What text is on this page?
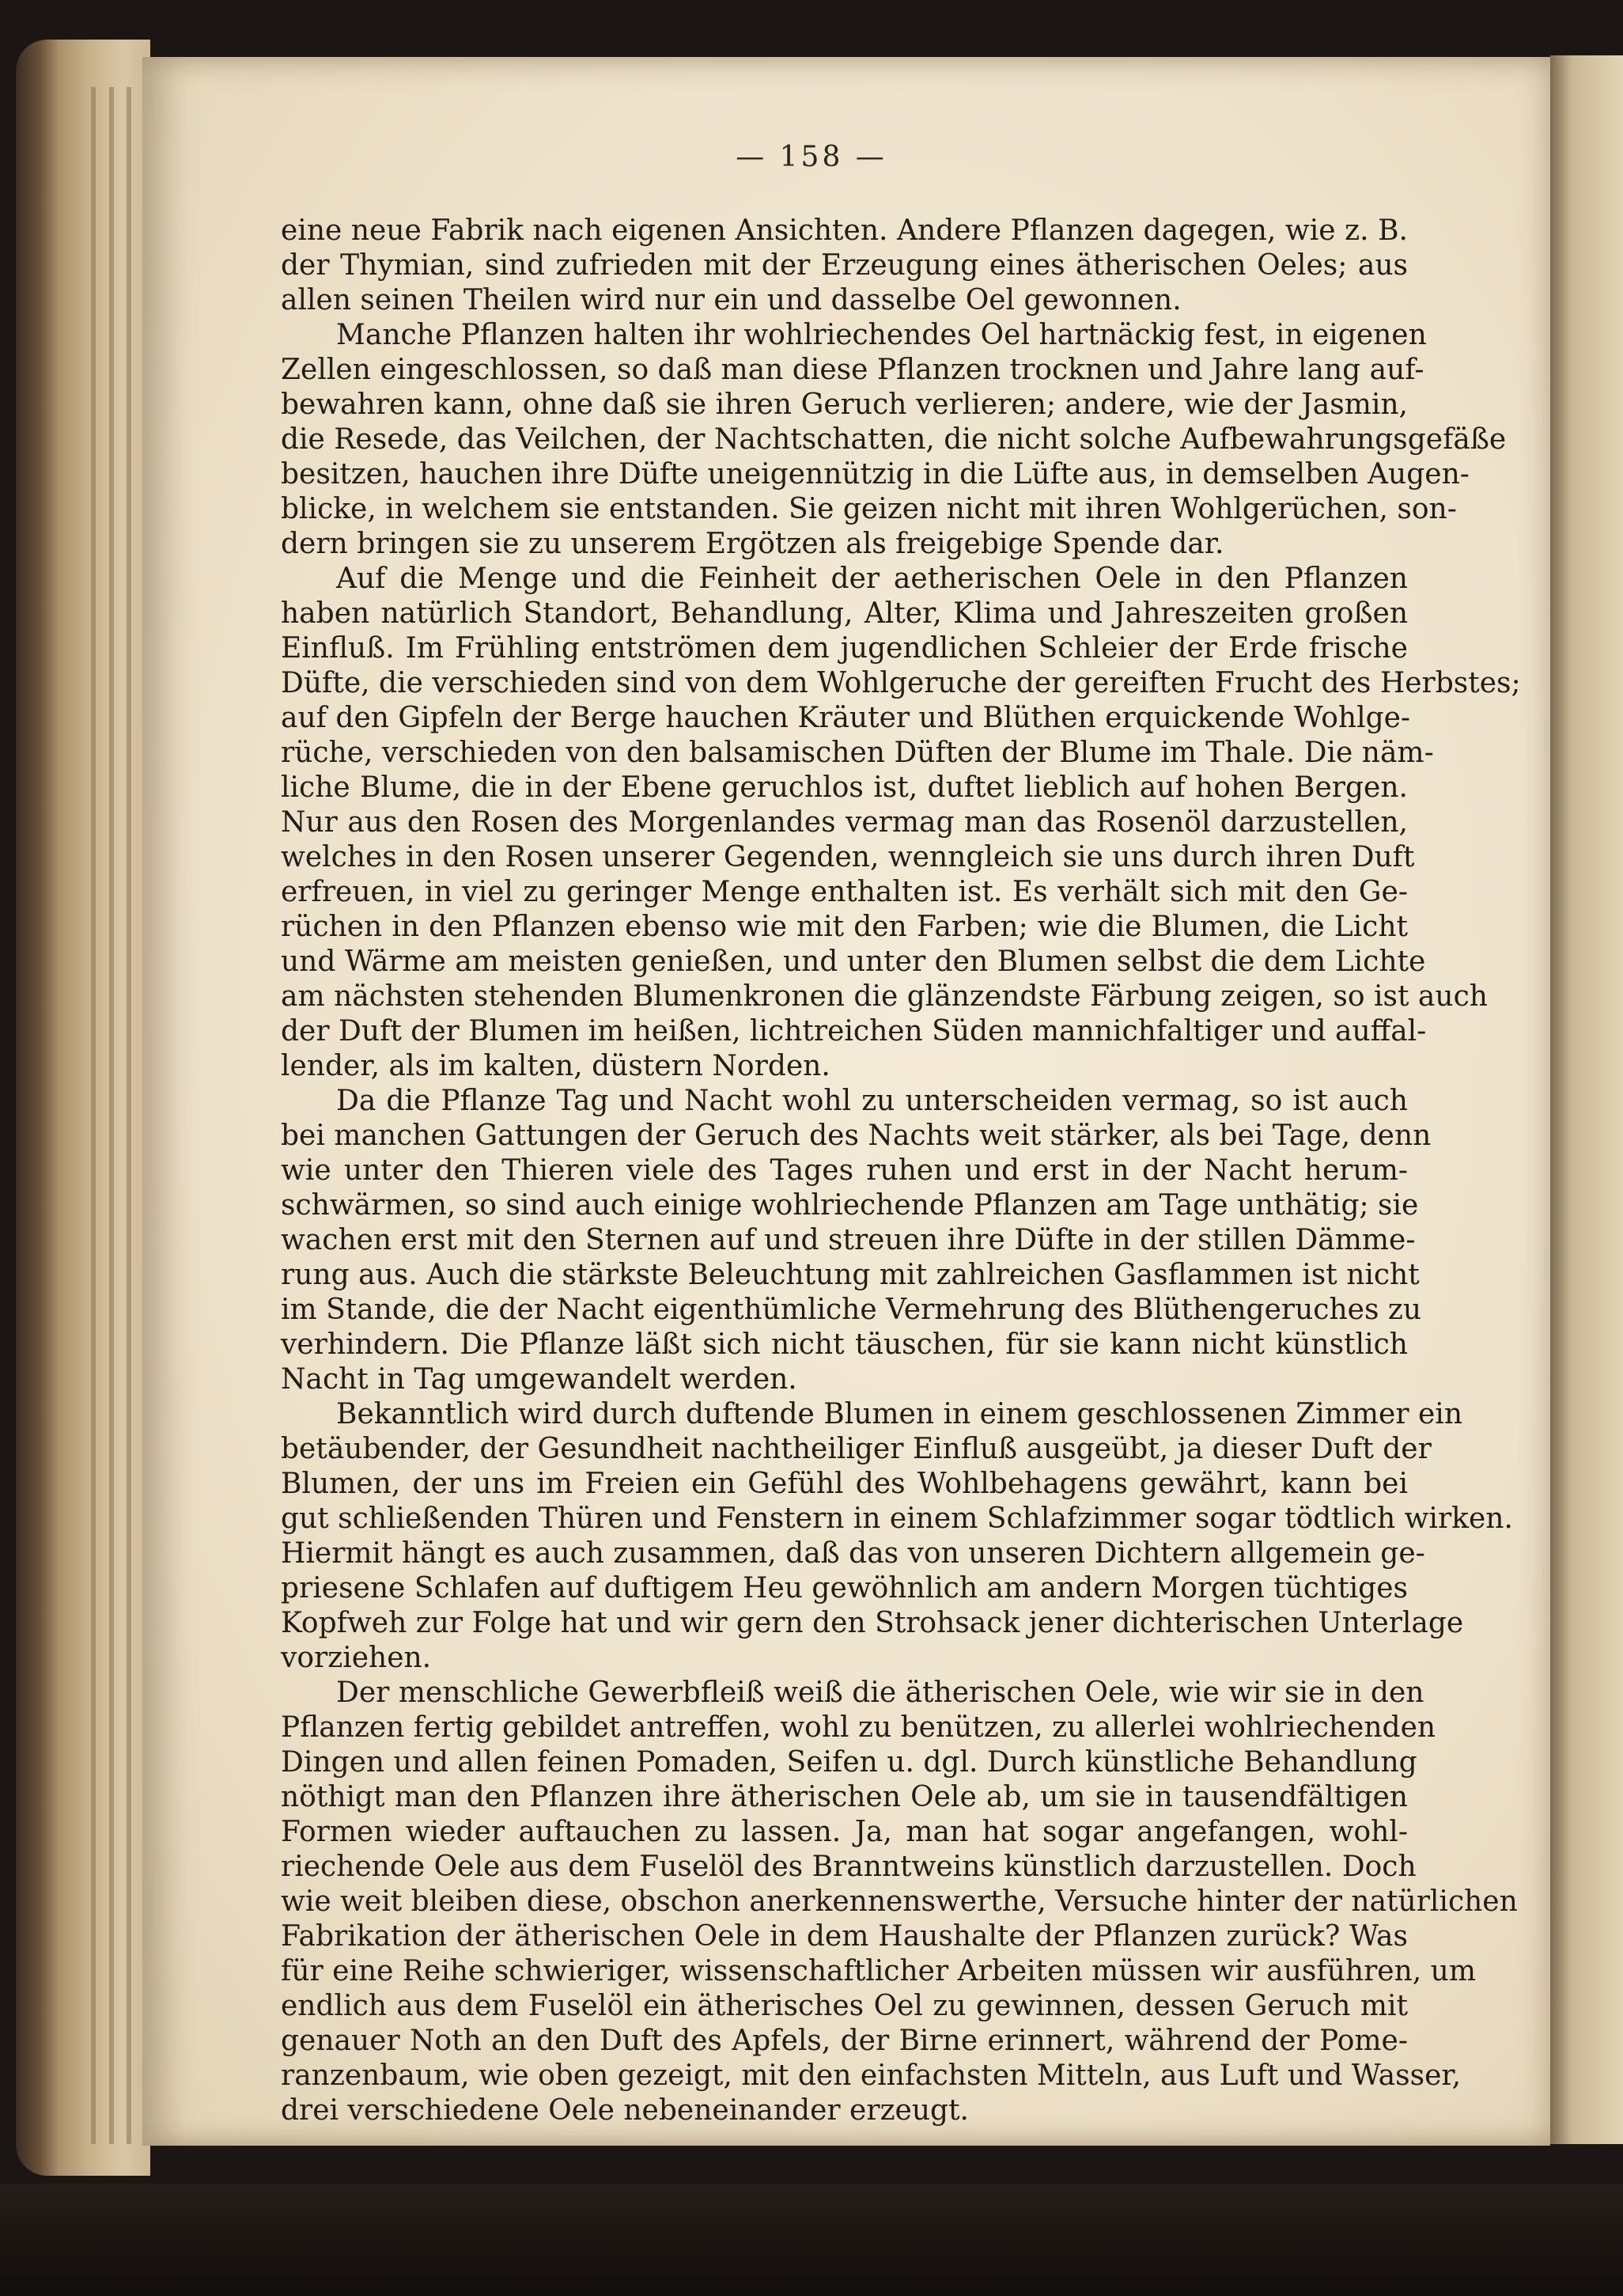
— 158 —
eine neue Fabrik nach eigenen Ansichten. Andere Pflanzen dagegen, wie z. B.
der Thymian, sind zufrieden mit der Erzeugung eines ätherischen Oeles; aus
allen seinen Theilen wird nur ein und dasselbe Oel gewonnen.
Manche Pflanzen halten ihr wohlriechendes Oel hartnäckig fest, in eigenen
Zellen eingeschlossen, so daß man diese Pflanzen trocknen und Jahre lang auf-
bewahren kann, ohne daß sie ihren Geruch verlieren; andere, wie der Jasmin,
die Resede, das Veilchen, der Nachtschatten, die nicht solche Aufbewahrungsgefäße
besitzen, hauchen ihre Düfte uneigennützig in die Lüfte aus, in demselben Augen-
blicke, in welchem sie entstanden. Sie geizen nicht mit ihren Wohlgerüchen, son-
dern bringen sie zu unserem Ergötzen als freigebige Spende dar.
Auf die Menge und die Feinheit der aetherischen Oele in den Pflanzen
haben natürlich Standort, Behandlung, Alter, Klima und Jahreszeiten großen
Einfluß. Im Frühling entströmen dem jugendlichen Schleier der Erde frische
Düfte, die verschieden sind von dem Wohlgeruche der gereiften Frucht des Herbstes;
auf den Gipfeln der Berge hauchen Kräuter und Blüthen erquickende Wohlge-
rüche, verschieden von den balsamischen Düften der Blume im Thale. Die näm-
liche Blume, die in der Ebene geruchlos ist, duftet lieblich auf hohen Bergen.
Nur aus den Rosen des Morgenlandes vermag man das Rosenöl darzustellen,
welches in den Rosen unserer Gegenden, wenngleich sie uns durch ihren Duft
erfreuen, in viel zu geringer Menge enthalten ist. Es verhält sich mit den Ge-
rüchen in den Pflanzen ebenso wie mit den Farben; wie die Blumen, die Licht
und Wärme am meisten genießen, und unter den Blumen selbst die dem Lichte
am nächsten stehenden Blumenkronen die glänzendste Färbung zeigen, so ist auch
der Duft der Blumen im heißen, lichtreichen Süden mannichfaltiger und auffal-
lender, als im kalten, düstern Norden.
Da die Pflanze Tag und Nacht wohl zu unterscheiden vermag, so ist auch
bei manchen Gattungen der Geruch des Nachts weit stärker, als bei Tage, denn
wie unter den Thieren viele des Tages ruhen und erst in der Nacht herum-
schwärmen, so sind auch einige wohlriechende Pflanzen am Tage unthätig; sie
wachen erst mit den Sternen auf und streuen ihre Düfte in der stillen Dämme-
rung aus. Auch die stärkste Beleuchtung mit zahlreichen Gasflammen ist nicht
im Stande, die der Nacht eigenthümliche Vermehrung des Blüthengeruches zu
verhindern. Die Pflanze läßt sich nicht täuschen, für sie kann nicht künstlich
Nacht in Tag umgewandelt werden.
Bekanntlich wird durch duftende Blumen in einem geschlossenen Zimmer ein
betäubender, der Gesundheit nachtheiliger Einfluß ausgeübt, ja dieser Duft der
Blumen, der uns im Freien ein Gefühl des Wohlbehagens gewährt, kann bei
gut schließenden Thüren und Fenstern in einem Schlafzimmer sogar tödtlich wirken.
Hiermit hängt es auch zusammen, daß das von unseren Dichtern allgemein ge-
priesene Schlafen auf duftigem Heu gewöhnlich am andern Morgen tüchtiges
Kopfweh zur Folge hat und wir gern den Strohsack jener dichterischen Unterlage
vorziehen.
Der menschliche Gewerbfleiß weiß die ätherischen Oele, wie wir sie in den
Pflanzen fertig gebildet antreffen, wohl zu benützen, zu allerlei wohlriechenden
Dingen und allen feinen Pomaden, Seifen u. dgl. Durch künstliche Behandlung
nöthigt man den Pflanzen ihre ätherischen Oele ab, um sie in tausendfältigen
Formen wieder auftauchen zu lassen. Ja, man hat sogar angefangen, wohl-
riechende Oele aus dem Fuselöl des Branntweins künstlich darzustellen. Doch
wie weit bleiben diese, obschon anerkennenswerthe, Versuche hinter der natürlichen
Fabrikation der ätherischen Oele in dem Haushalte der Pflanzen zurück? Was
für eine Reihe schwieriger, wissenschaftlicher Arbeiten müssen wir ausführen, um
endlich aus dem Fuselöl ein ätherisches Oel zu gewinnen, dessen Geruch mit
genauer Noth an den Duft des Apfels, der Birne erinnert, während der Pome-
ranzenbaum, wie oben gezeigt, mit den einfachsten Mitteln, aus Luft und Wasser,
drei verschiedene Oele nebeneinander erzeugt.
